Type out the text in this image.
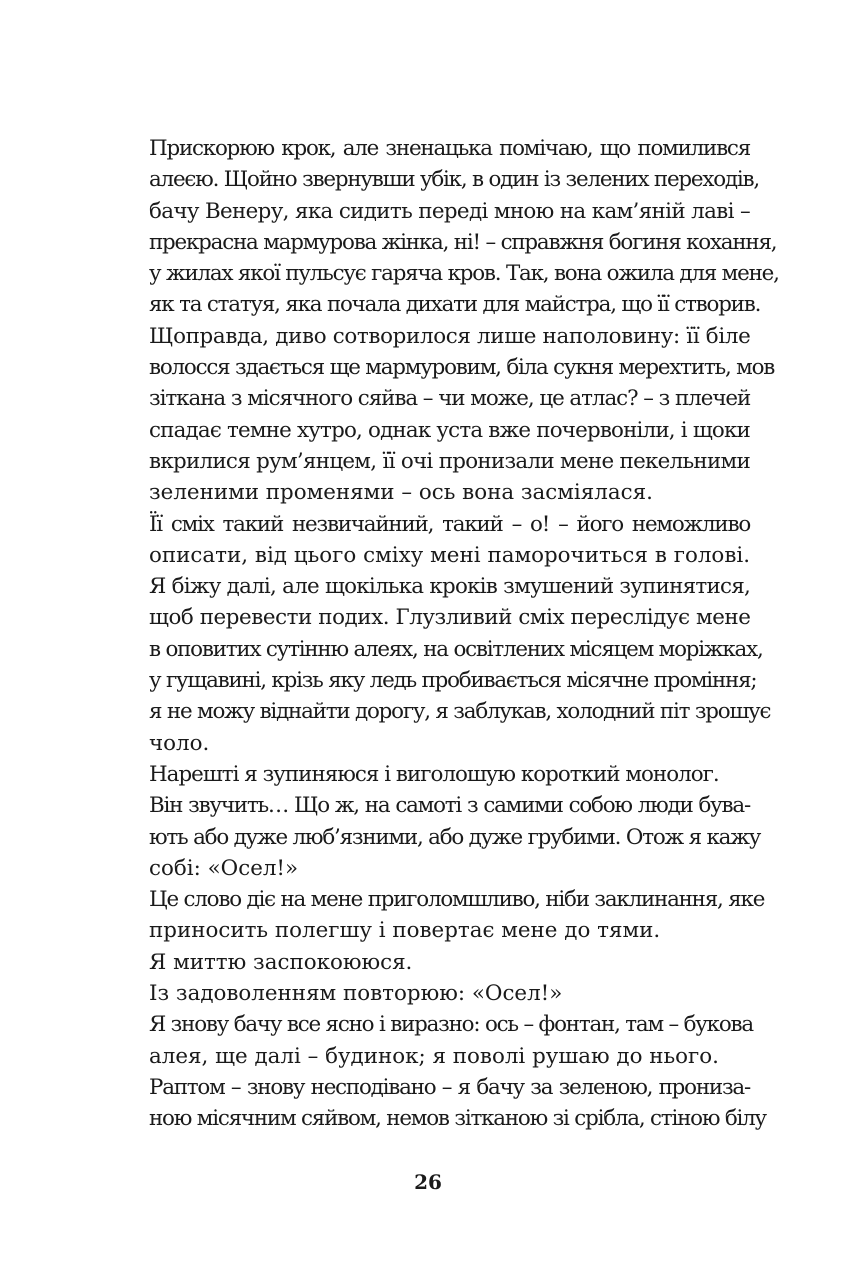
Прискорюю крок, але зненацька помічаю, що помилився
алеєю. Щойно звернувши убік, в один із зелених переходів,
бачу Венеру, яка сидить переді мною на кам’яній лаві –
прекрасна мармурова жінка, ні! – справжня богиня кохання,
у жилах якої пульсує гаряча кров. Так, вона ожила для мене,
як та статуя, яка почала дихати для майстра, що її створив.
Щоправда, диво сотворилося лише наполовину: її біле
волосся здається ще мармуровим, біла сукня мерехтить, мов
зіткана з місячного сяйва – чи може, це атлас? – з плечей
спадає темне хутро, однак уста вже почервоніли, і щоки
вкрилися рум’янцем, її очі пронизали мене пекельними
зеленими променями – ось вона засміялася.

Її сміх такий незвичайний, такий – о! – його неможливо
описати, від цього сміху мені паморочиться в голові.
Я біжу далі, але щокілька кроків змушений зупинятися,
щоб перевести подих. Глузливий сміх переслідує мене
в оповитих сутінню алеях, на освітлених місяцем моріжках,
у гущавині, крізь яку ледь пробивається місячне проміння;
я не можу віднайти дорогу, я заблукав, холодний піт зрошує
чоло.

Нарешті я зупиняюся і виголошую короткий монолог.

Він звучить… Що ж, на самоті з самими собою люди бува-
ють або дуже люб’язними, або дуже грубими. Отож я кажу
собі: «Осел!»

Це слово діє на мене приголомшливо, ніби заклинання, яке
приносить полегшу і повертає мене до тями.

Я миттю заспокоююся.

Із задоволенням повторюю: «Осел!»

Я знову бачу все ясно і виразно: ось – фонтан, там – букова
алея, ще далі – будинок; я поволі рушаю до нього.

Раптом – знову несподівано – я бачу за зеленою, пронизa-
ною місячним сяйвом, немов зітканою зі срібла, стіною білу

26
